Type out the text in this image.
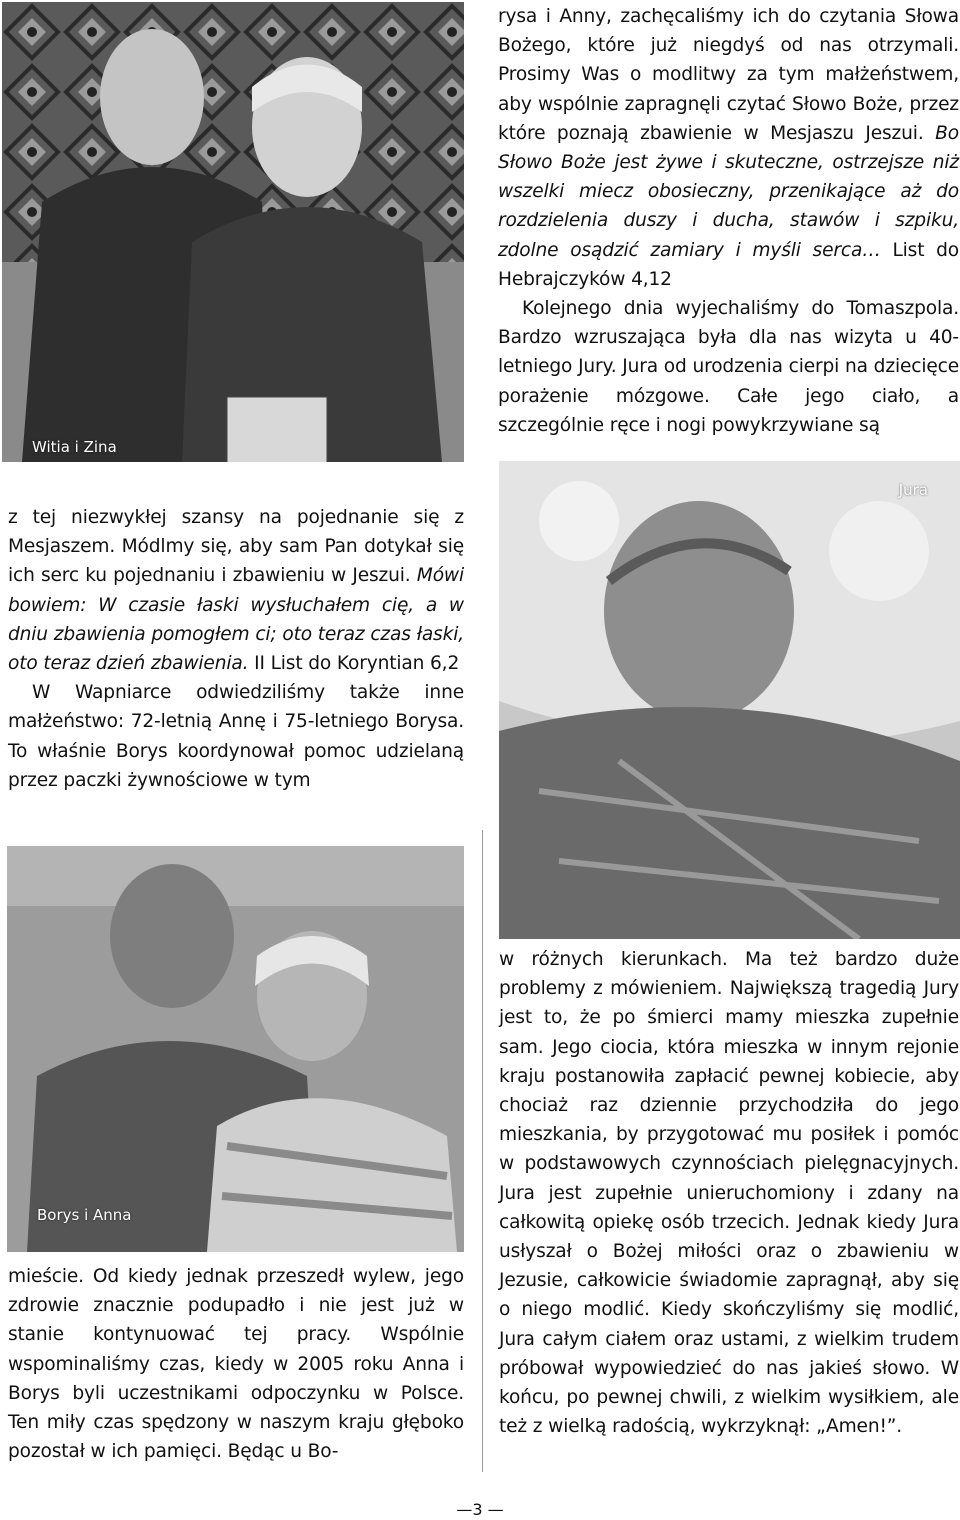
Witia i Zina

rysa i Anny, zachęcaliśmy ich do czytania Słowa Bożego, które już niegdyś od nas otrzymali. Prosimy Was o modlitwy za tym małżeństwem, aby wspólnie zapragnęli czytać Słowo Boże, przez które poznają zbawienie w Mesjaszu Jeszui. Bo Słowo Boże jest żywe i skuteczne, ostrzejsze niż wszelki miecz obosieczny, przenikające aż do rozdzielenia duszy i ducha, stawów i szpiku, zdolne osądzić zamiary i myśli serca… List do Hebrajczyków 4,12

Kolejnego dnia wyjechaliśmy do Tomaszpola. Bardzo wzruszająca była dla nas wizyta u 40-letniego Jury. Jura od urodzenia cierpi na dziecięce porażenie mózgowe. Całe jego ciało, a szczególnie ręce i nogi powykrzywiane są

Jura

z tej niezwykłej szansy na pojednanie się z Mesjaszem. Módlmy się, aby sam Pan dotykał się ich serc ku pojednaniu i zbawieniu w Jeszui. Mówi bowiem: W czasie łaski wysłuchałem cię, a w dniu zbawienia pomogłem ci; oto teraz czas łaski, oto teraz dzień zbawienia. II List do Koryntian 6,2

W Wapniarce odwiedziliśmy także inne małżeństwo: 72-letnią Annę i 75-letniego Borysa. To właśnie Borys koordynował pomoc udzielaną przez paczki żywnościowe w tym

Borys i Anna

mieście. Od kiedy jednak przeszedł wylew, jego zdrowie znacznie podupadło i nie jest już w stanie kontynuować tej pracy. Wspólnie wspominaliśmy czas, kiedy w 2005 roku Anna i Borys byli uczestnikami odpoczynku w Polsce. Ten miły czas spędzony w naszym kraju głęboko pozostał w ich pamięci. Będąc u Bo-

w różnych kierunkach. Ma też bardzo duże problemy z mówieniem. Największą tragedią Jury jest to, że po śmierci mamy mieszka zupełnie sam. Jego ciocia, która mieszka w innym rejonie kraju postanowiła zapłacić pewnej kobiecie, aby chociaż raz dziennie przychodziła do jego mieszkania, by przygotować mu posiłek i pomóc w podstawowych czynnościach pielęgnacyjnych. Jura jest zupełnie unieruchomiony i zdany na całkowitą opiekę osób trzecich. Jednak kiedy Jura usłyszał o Bożej miłości oraz o zbawieniu w Jezusie, całkowicie świadomie zapragnął, aby się o niego modlić. Kiedy skończyliśmy się modlić, Jura całym ciałem oraz ustami, z wielkim trudem próbował wypowiedzieć do nas jakieś słowo. W końcu, po pewnej chwili, z wielkim wysiłkiem, ale też z wielką radością, wykrzyknął: „Amen!”.

— 3 —
